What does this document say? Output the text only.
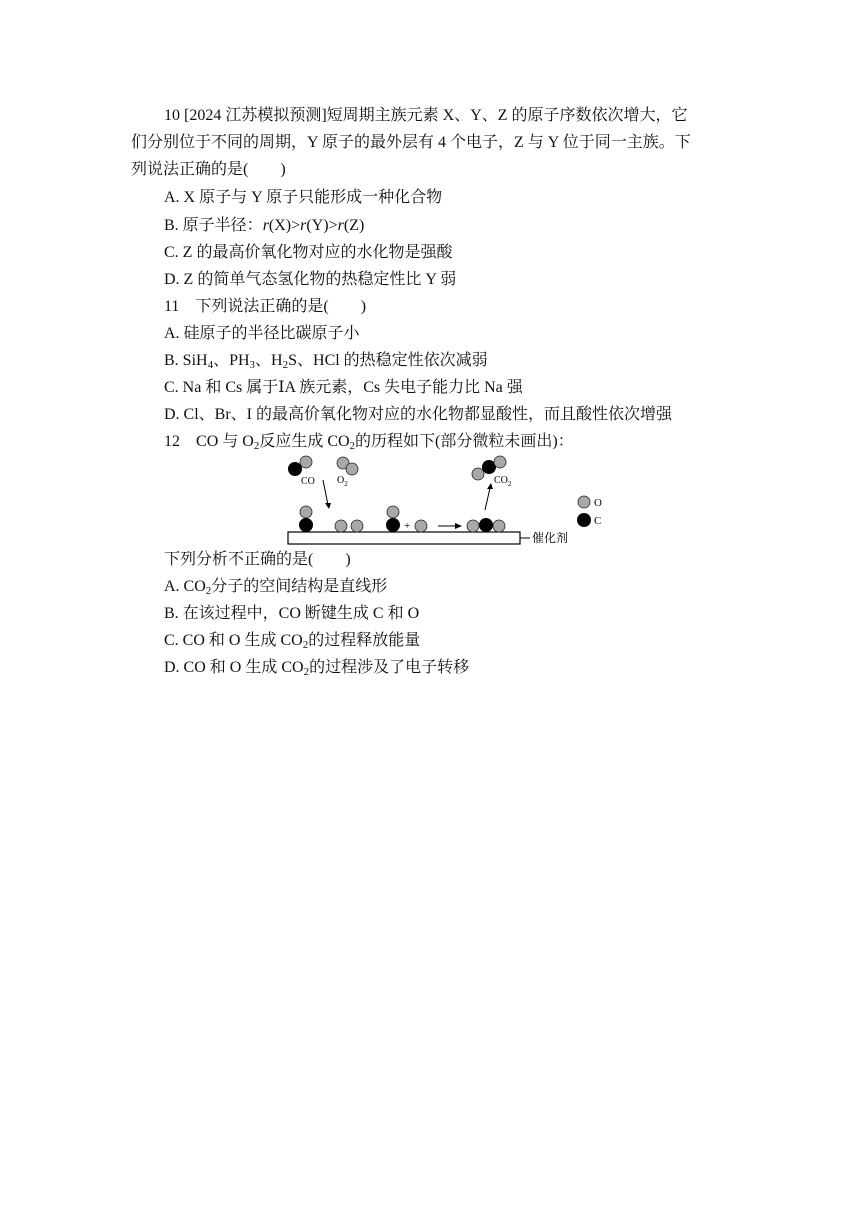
10 [2024 江苏模拟预测]短周期主族元素 X、Y、Z 的原子序数依次增大，它
们分别位于不同的周期，Y 原子的最外层有 4 个电子，Z 与 Y 位于同一主族。下
列说法正确的是(　　)
A. X 原子与 Y 原子只能形成一种化合物
B. 原子半径：r(X)>r(Y)>r(Z)
C. Z 的最高价氧化物对应的水化物是强酸
D. Z 的简单气态氢化物的热稳定性比 Y 弱
11　 下列说法正确的是(　　)
A. 硅原子的半径比碳原子小
B. SiH$_4$、$PH_3$、$H_2S$、HCl 的热稳定性依次减弱
C. Na 和 Cs 属于ⅠA 族元素，Cs 失电子能力比 Na 强
D. Cl、Br、I 的最高价氧化物对应的水化物都显酸性，而且酸性依次增强
12　 CO 与 $O_2$反应生成 $CO_2$的历程如下(部分微粒未画出)：
催化剂
CO $O_2$
+
$CO_2$
O
C
下列分析不正确的是(　　)
A. $CO_2$分子的空间结构是直线形
B. 在该过程中，CO 断键生成 C 和 O
C. CO 和 O 生成 $CO_2$的过程释放能量
D. CO 和 O 生成 $CO_2$的过程涉及了电子转移
